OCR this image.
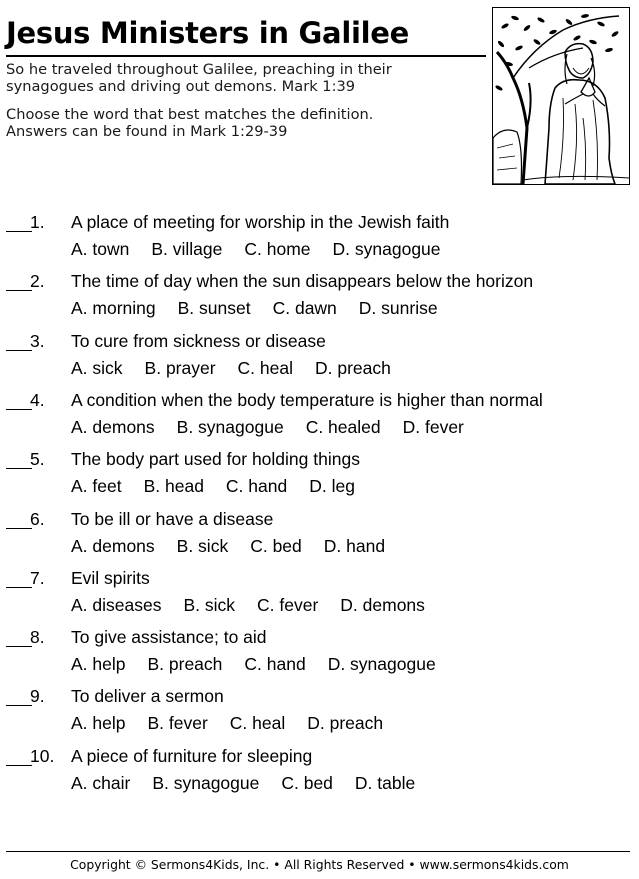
Jesus Ministers in Galilee
So he traveled throughout Galilee, preaching in their
synagogues and driving out demons. Mark 1:39
Choose the word that best matches the definition.
Answers can be found in Mark 1:29-39
1. A place of meeting for worship in the Jewish faith
A. town B. village C. home D. synagogue
2. The time of day when the sun disappears below the horizon
A. morning B. sunset C. dawn D. sunrise
3. To cure from sickness or disease
A. sick B. prayer C. heal D. preach
4. A condition when the body temperature is higher than normal
A. demons B. synagogue C. healed D. fever
5. The body part used for holding things
A. feet B. head C. hand D. leg
6. To be ill or have a disease
A. demons B. sick C. bed D. hand
7. Evil spirits
A. diseases B. sick C. fever D. demons
8. To give assistance; to aid
A. help B. preach C. hand D. synagogue
9. To deliver a sermon
A. help B. fever C. heal D. preach
10. A piece of furniture for sleeping
A. chair B. synagogue C. bed D. table
Copyright © Sermons4Kids, Inc. • All Rights Reserved • www.sermons4kids.com
